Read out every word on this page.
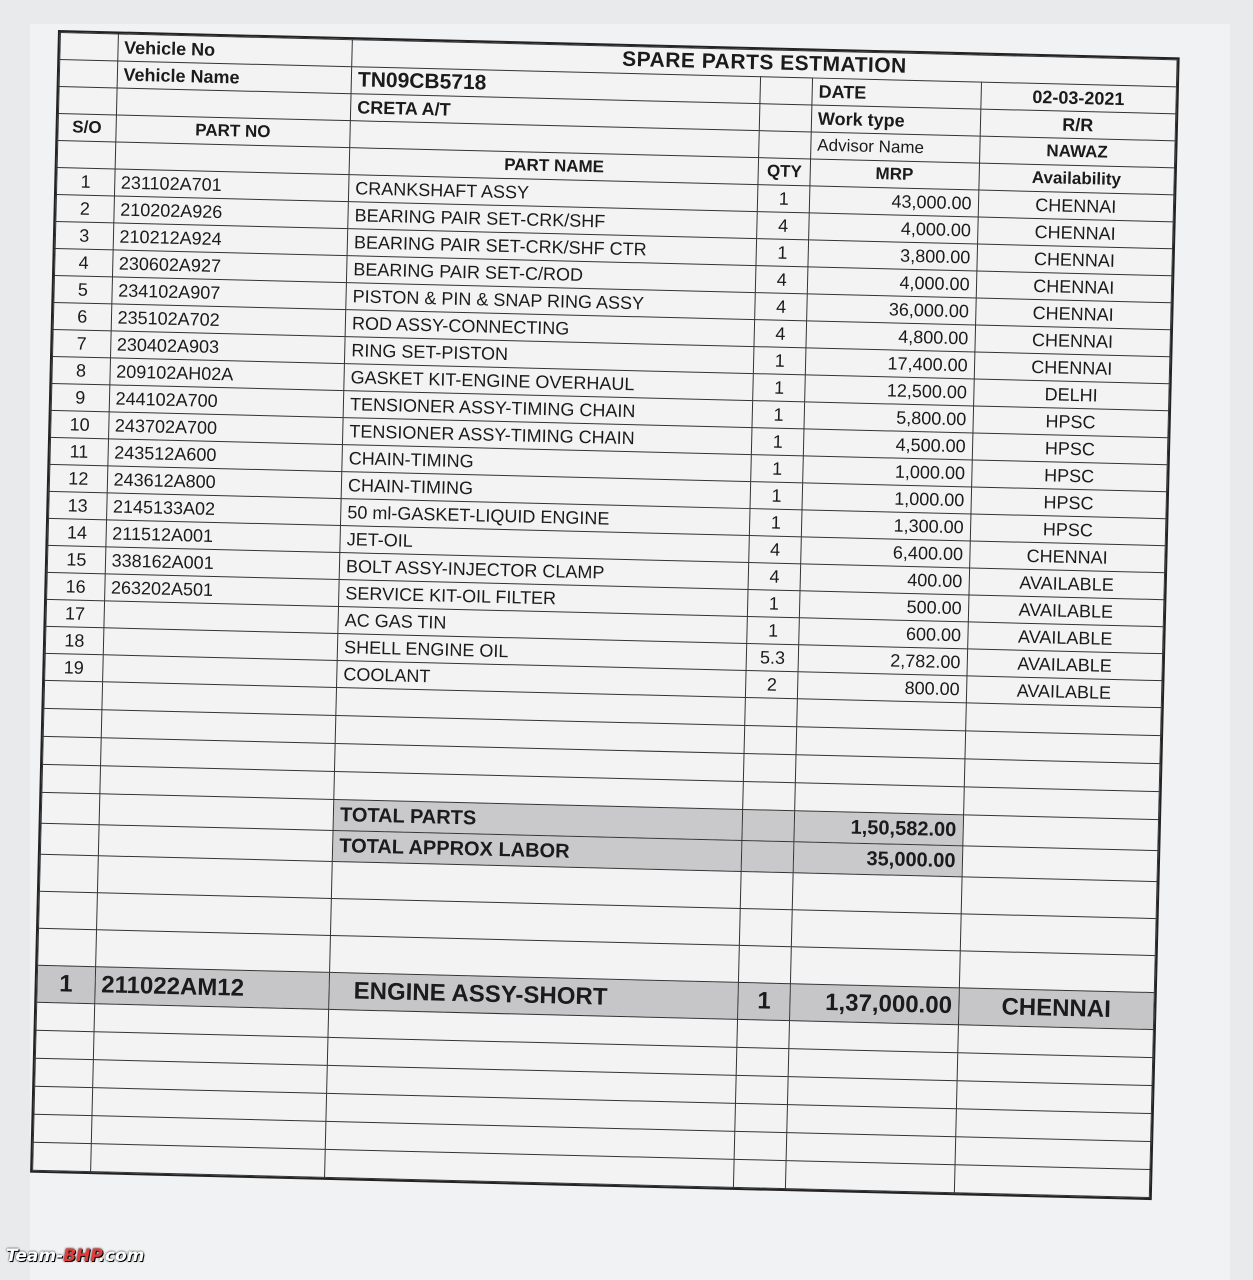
	Vehicle No	SPARE PARTS ESTMATION			
	Vehicle Name	TN09CB5718		DATE	02-03-2021
		CRETA A/T		Work type	R/R
S/O	PART NO			Advisor Name	NAWAZ
		PART NAME	QTY	MRP	Availability
1	231102A701	CRANKSHAFT ASSY	1	43,000.00	CHENNAI
2	210202A926	BEARING PAIR SET-CRK/SHF	4	4,000.00	CHENNAI
3	210212A924	BEARING PAIR SET-CRK/SHF CTR	1	3,800.00	CHENNAI
4	230602A927	BEARING PAIR SET-C/ROD	4	4,000.00	CHENNAI
5	234102A907	PISTON & PIN & SNAP RING ASSY	4	36,000.00	CHENNAI
6	235102A702	ROD ASSY-CONNECTING	4	4,800.00	CHENNAI
7	230402A903	RING SET-PISTON	1	17,400.00	CHENNAI
8	209102AH02A	GASKET KIT-ENGINE OVERHAUL	1	12,500.00	DELHI
9	244102A700	TENSIONER ASSY-TIMING CHAIN	1	5,800.00	HPSC
10	243702A700	TENSIONER ASSY-TIMING CHAIN	1	4,500.00	HPSC
11	243512A600	CHAIN-TIMING	1	1,000.00	HPSC
12	243612A800	CHAIN-TIMING	1	1,000.00	HPSC
13	2145133A02	50 ml-GASKET-LIQUID ENGINE	1	1,300.00	HPSC
14	211512A001	JET-OIL	4	6,400.00	CHENNAI
15	338162A001	BOLT ASSY-INJECTOR CLAMP	4	400.00	AVAILABLE
16	263202A501	SERVICE KIT-OIL FILTER	1	500.00	AVAILABLE
17		AC GAS TIN	1	600.00	AVAILABLE
18		SHELL ENGINE OIL	5.3	2,782.00	AVAILABLE
19		COOLANT	2	800.00	AVAILABLE

		TOTAL PARTS		1,50,582.00	
		TOTAL APPROX LABOR		35,000.00	

1	211022AM12	ENGINE ASSY-SHORT	1	1,37,000.00	CHENNAI

Team-BHP.com
